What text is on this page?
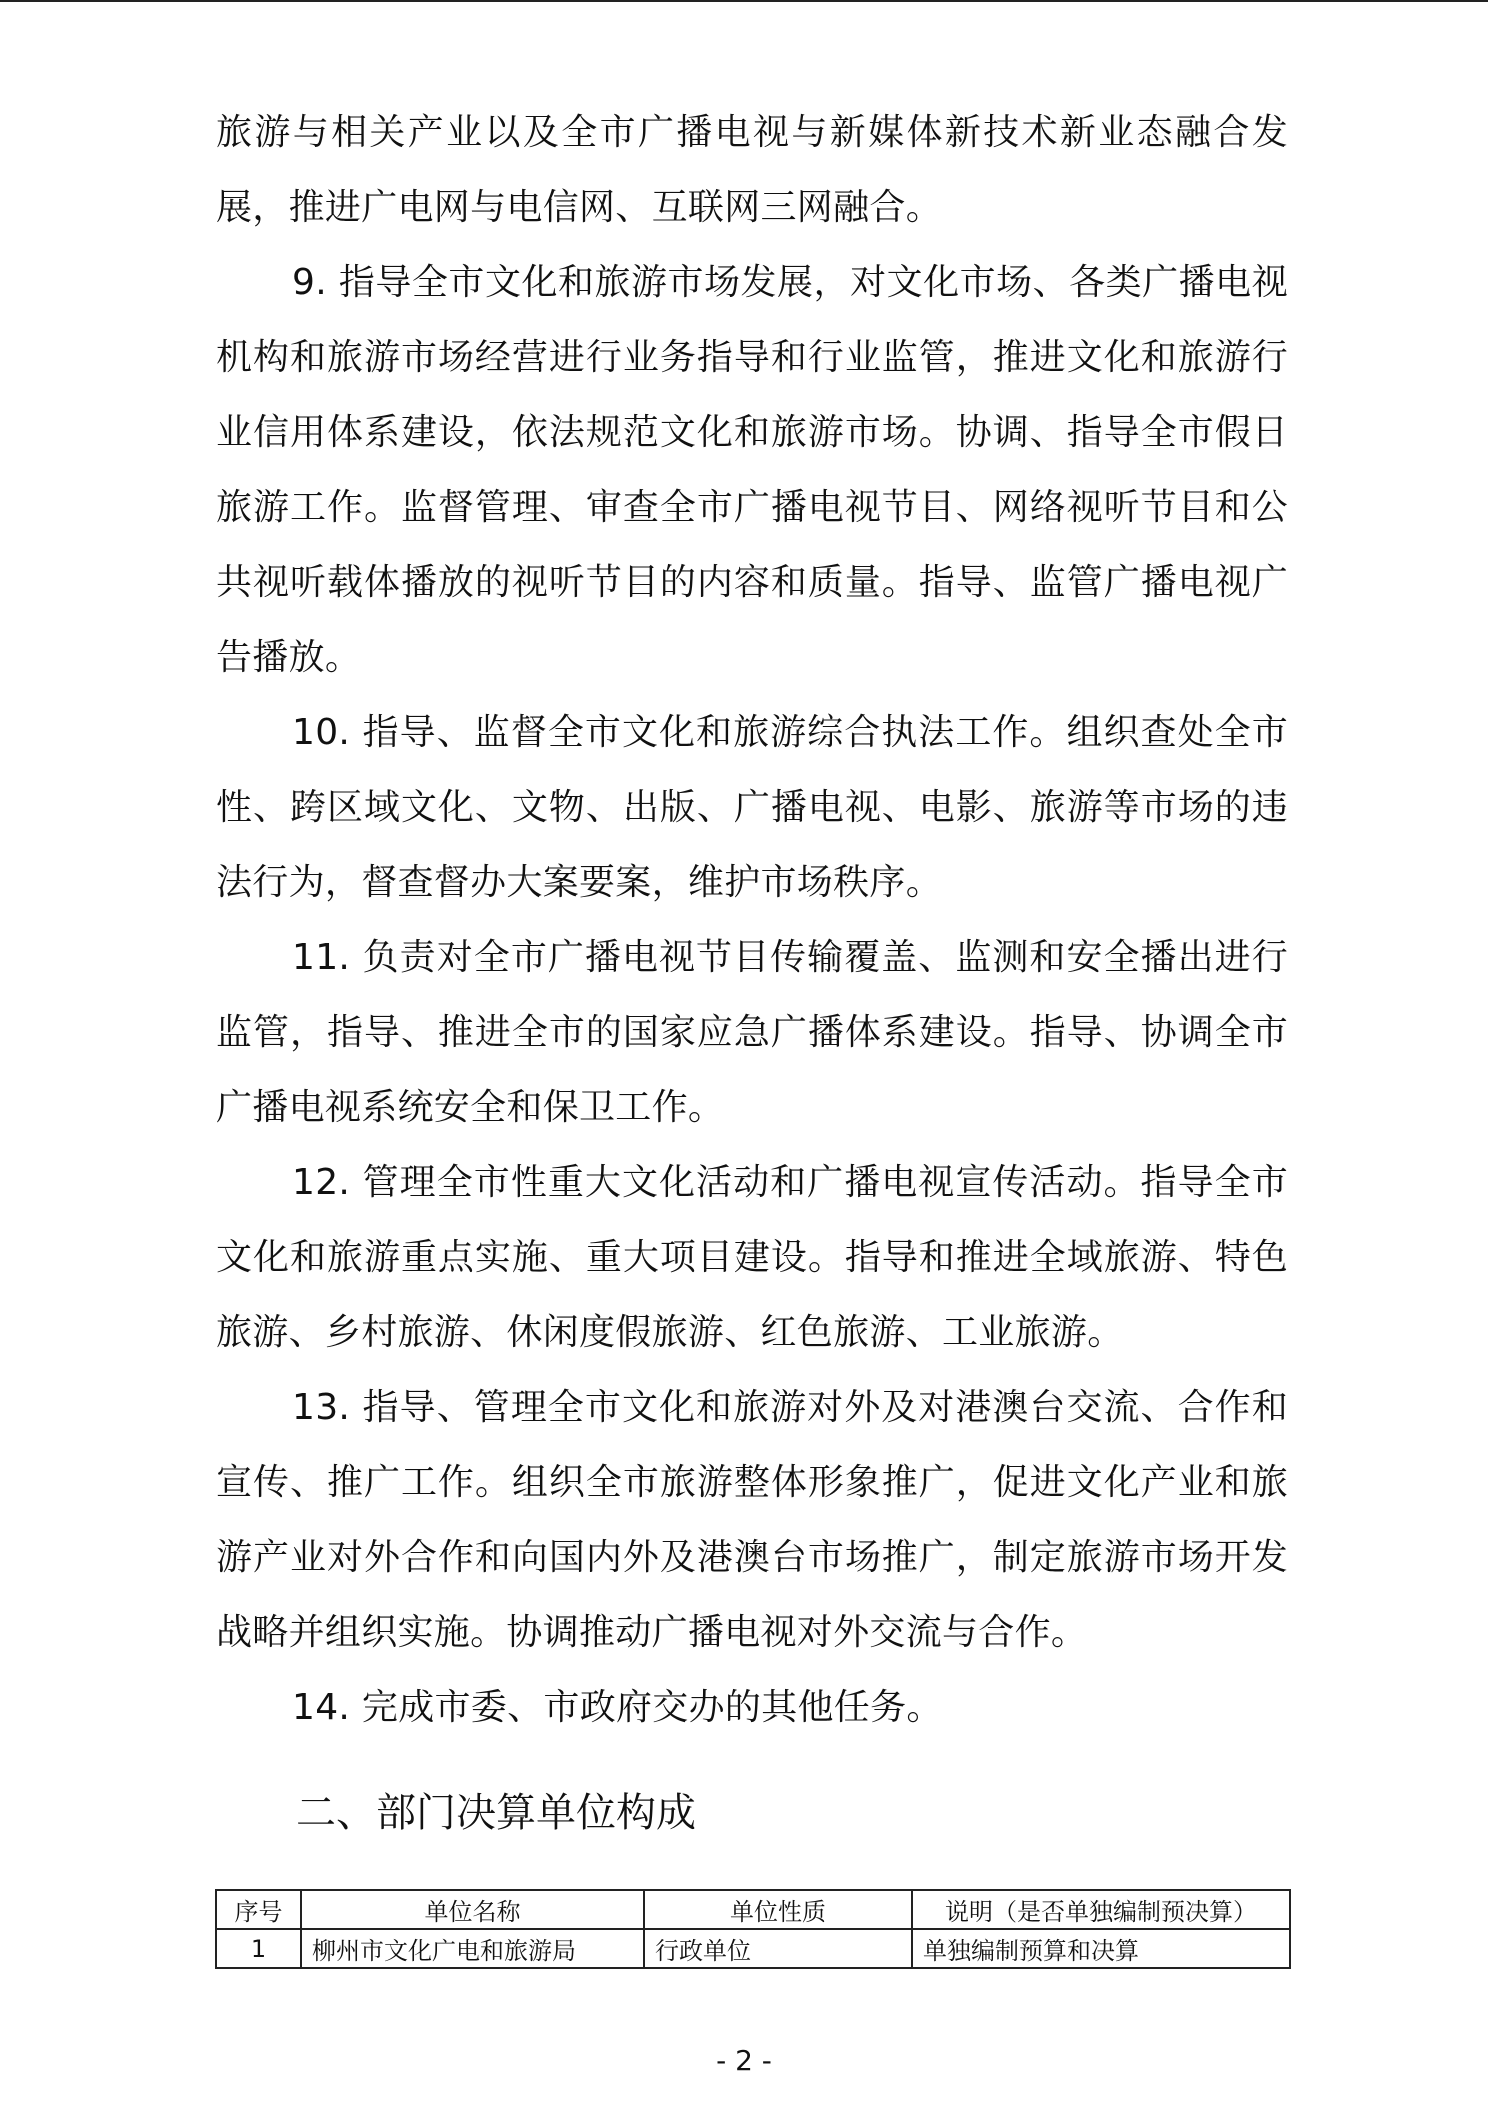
旅游与相关产业以及全市广播电视与新媒体新技术新业态融合发展，推进广电网与电信网、互联网三网融合。

9. 指导全市文化和旅游市场发展，对文化市场、各类广播电视机构和旅游市场经营进行业务指导和行业监管，推进文化和旅游行业信用体系建设，依法规范文化和旅游市场。协调、指导全市假日旅游工作。监督管理、审查全市广播电视节目、网络视听节目和公共视听载体播放的视听节目的内容和质量。指导、监管广播电视广告播放。

10. 指导、监督全市文化和旅游综合执法工作。组织查处全市性、跨区域文化、文物、出版、广播电视、电影、旅游等市场的违法行为，督查督办大案要案，维护市场秩序。

11. 负责对全市广播电视节目传输覆盖、监测和安全播出进行监管，指导、推进全市的国家应急广播体系建设。指导、协调全市广播电视系统安全和保卫工作。

12. 管理全市性重大文化活动和广播电视宣传活动。指导全市文化和旅游重点实施、重大项目建设。指导和推进全域旅游、特色旅游、乡村旅游、休闲度假旅游、红色旅游、工业旅游。

13. 指导、管理全市文化和旅游对外及对港澳台交流、合作和宣传、推广工作。组织全市旅游整体形象推广，促进文化产业和旅游产业对外合作和向国内外及港澳台市场推广，制定旅游市场开发战略并组织实施。协调推动广播电视对外交流与合作。

14. 完成市委、市政府交办的其他任务。

二、部门决算单位构成
序号	单位名称	单位性质	说明（是否单独编制预决算）
1	柳州市文化广电和旅游局	行政单位	单独编制预算和决算
- 2 -
